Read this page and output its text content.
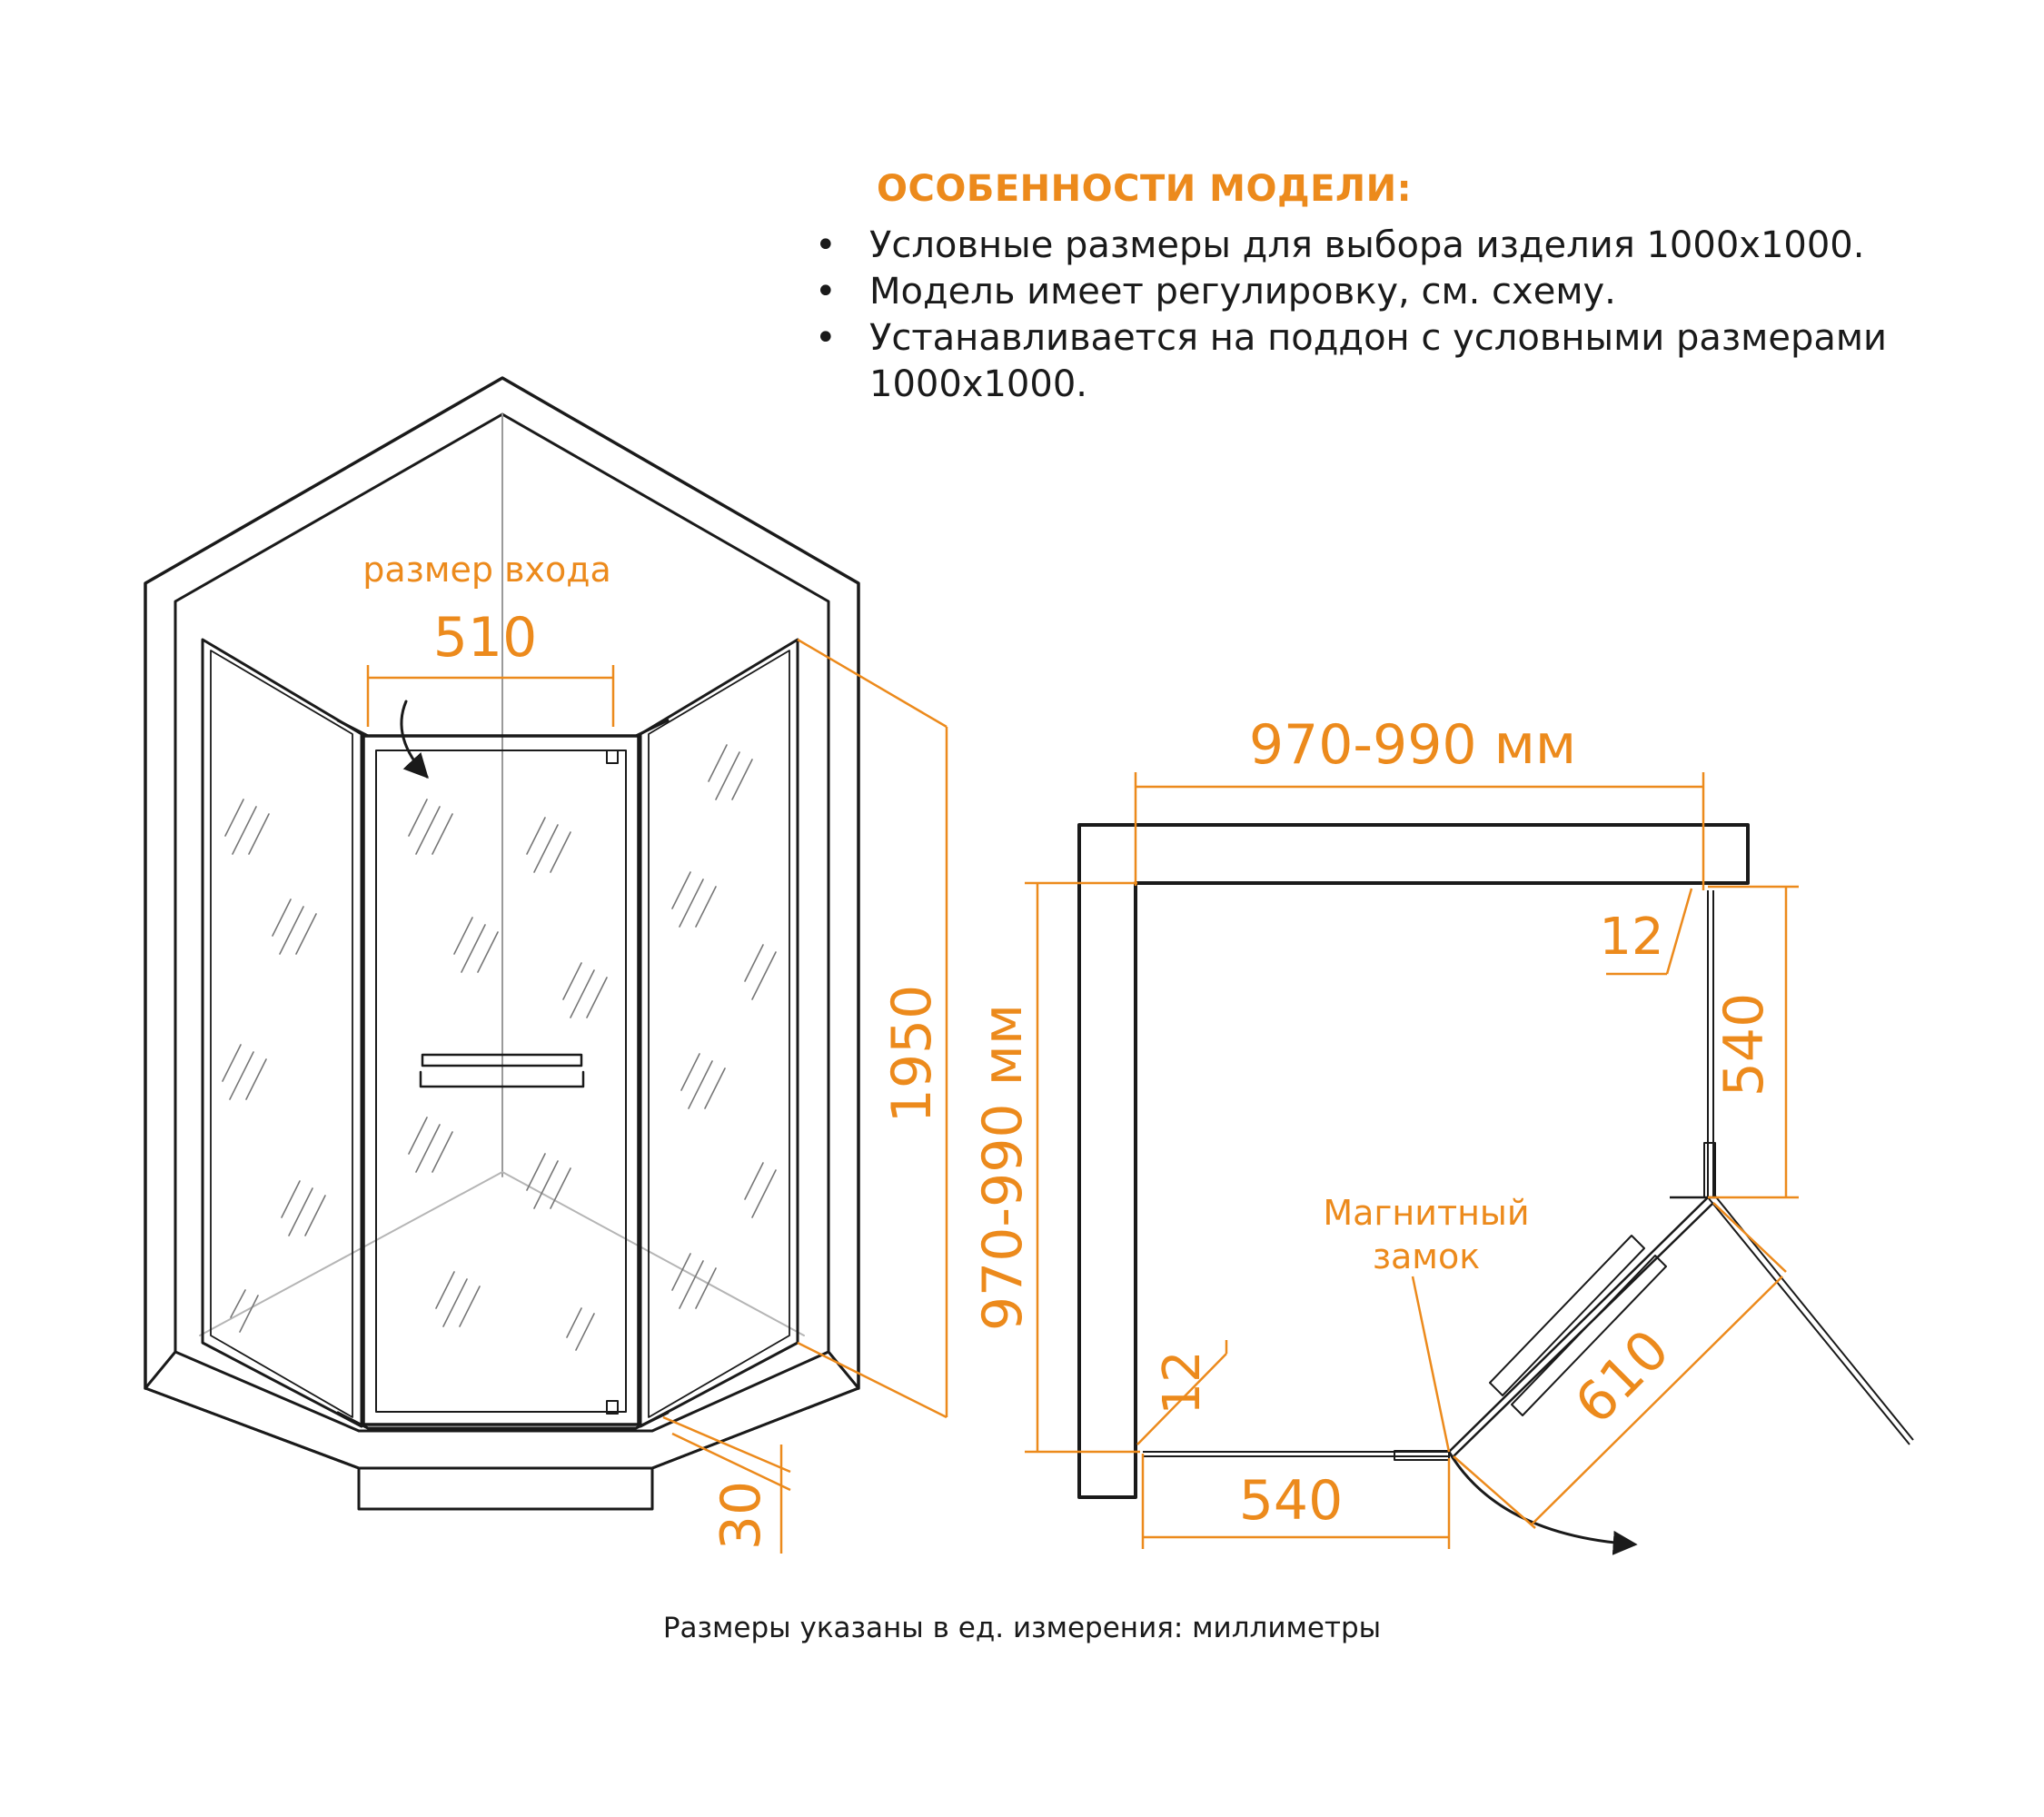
ОСОБЕННОСТИ МОДЕЛИ:
• Условные размеры для выбора изделия 1000х1000.
• Модель имеет регулировку, см. схему.
• Устанавливается на поддон с условными размерами 1000х1000.
размер входа
510
1950
30
970-990 мм
970-990 мм
12
540
12
540
610
Магнитный
замок

Размеры указаны в ед. измерения: миллиметры
